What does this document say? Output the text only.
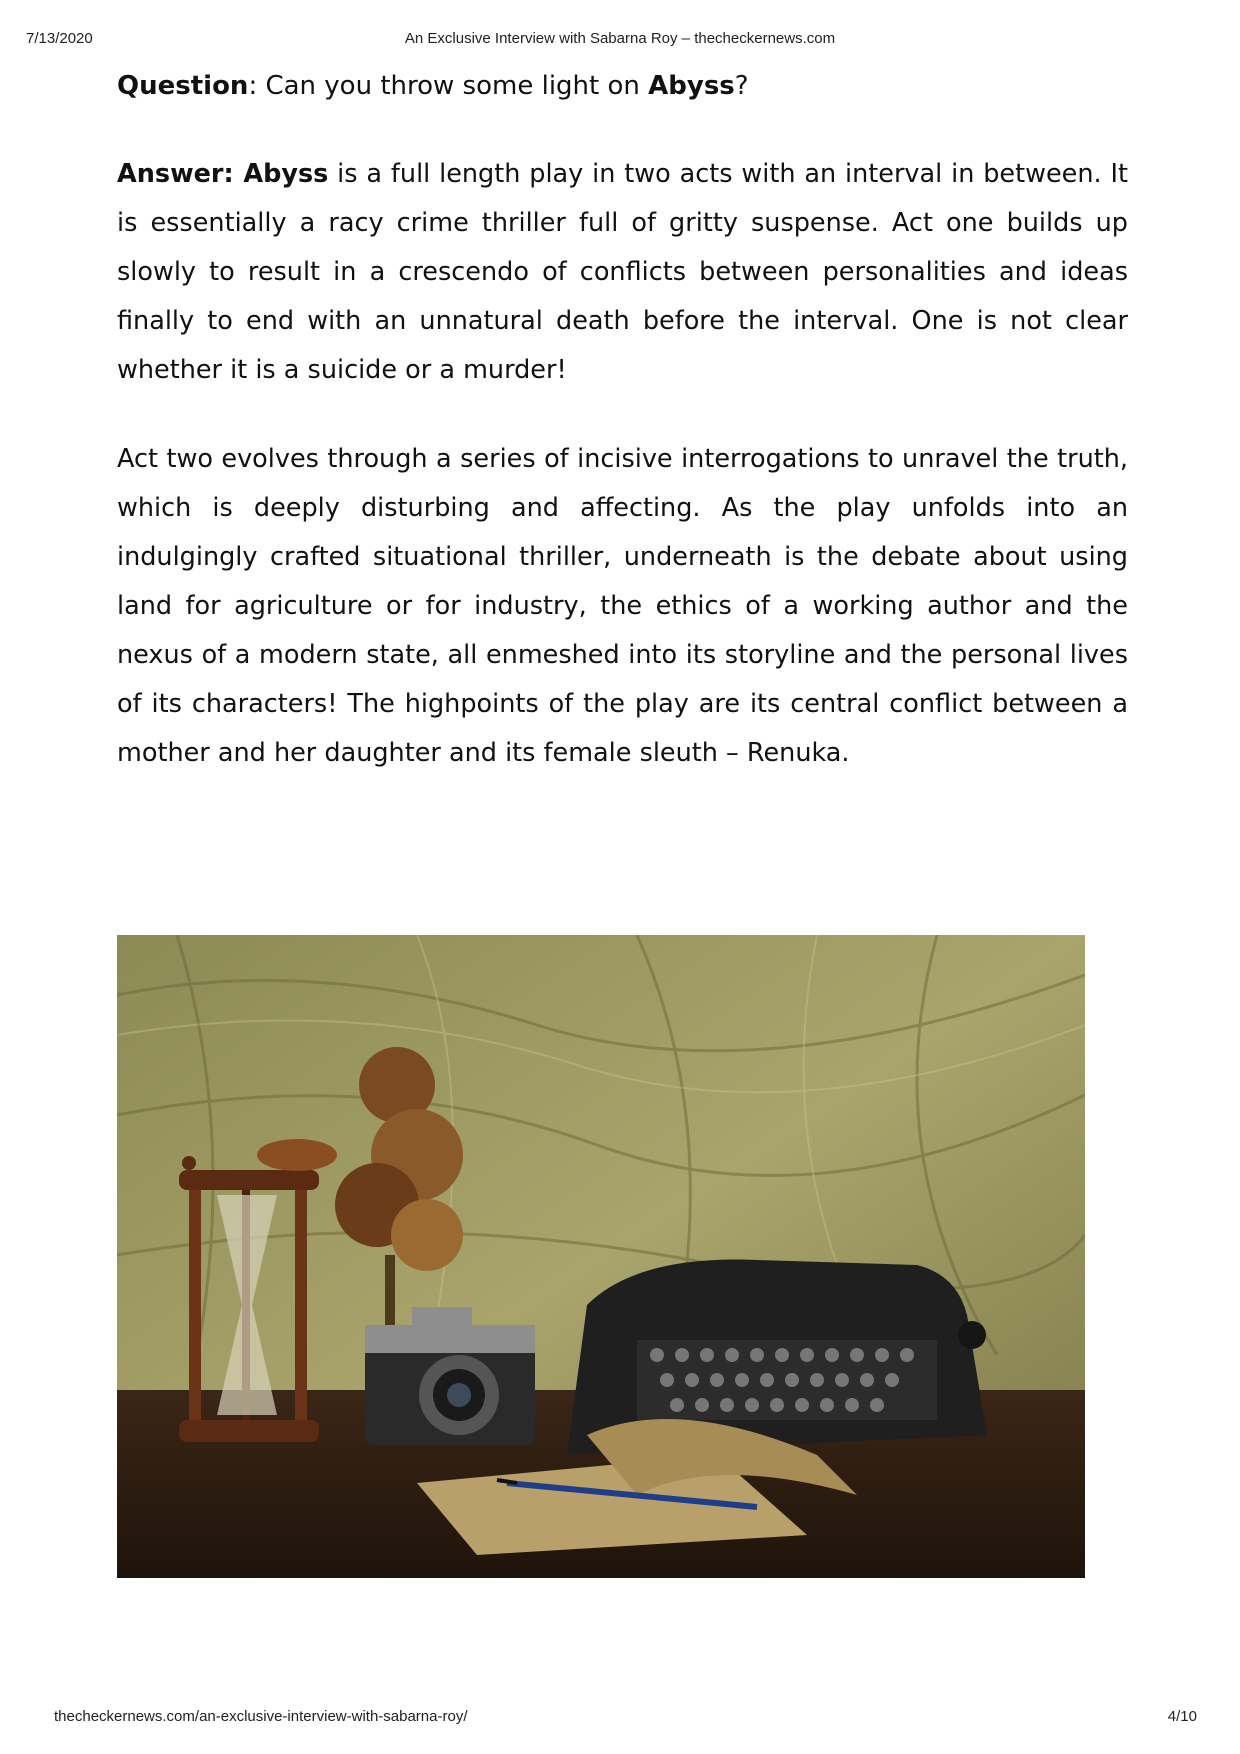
7/13/2020	An Exclusive Interview with Sabarna Roy – thecheckernews.com

Question: Can you throw some light on Abyss?

Answer: Abyss is a full length play in two acts with an interval in between. It is essentially a racy crime thriller full of gritty suspense. Act one builds up slowly to result in a crescendo of conflicts between personalities and ideas finally to end with an unnatural death before the interval. One is not clear whether it is a suicide or a murder!

Act two evolves through a series of incisive interrogations to unravel the truth, which is deeply disturbing and affecting. As the play unfolds into an indulgingly crafted situational thriller, underneath is the debate about using land for agriculture or for industry, the ethics of a working author and the nexus of a modern state, all enmeshed into its storyline and the personal lives of its characters! The highpoints of the play are its central conflict between a mother and her daughter and its female sleuth – Renuka.

thecheckernews.com/an-exclusive-interview-with-sabarna-roy/	4/10
